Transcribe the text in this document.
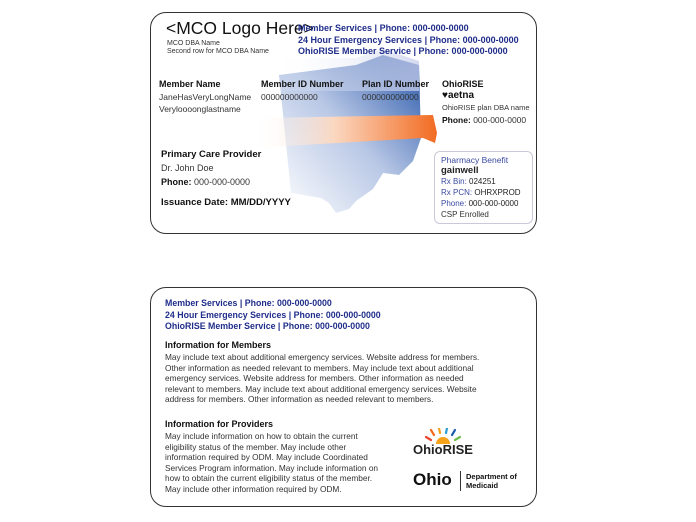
<MCO Logo Here>
MCO DBA Name
Second row for MCO DBA Name
Member Services | Phone: 000-000-0000
24 Hour Emergency Services | Phone: 000-000-0000
OhioRISE Member Service | Phone: 000-000-0000
Member Name
JaneHasVeryLongName
Veryloooonglastname
Member ID Number
000000000000
Plan ID Number
000000000000
OhioRISE
♥aetna
OhioRISE plan DBA name
Phone: 000-000-0000
Primary Care Provider
Dr. John Doe
Phone: 000-000-0000
Issuance Date: MM/DD/YYYY
Pharmacy Benefit
gainwell
Rx Bin: 024251
Rx PCN: OHRXPROD
Phone: 000-000-0000
CSP Enrolled
Member Services | Phone: 000-000-0000
24 Hour Emergency Services | Phone: 000-000-0000
OhioRISE Member Service | Phone: 000-000-0000
Information for Members
May include text about additional emergency services. Website address for members.
Other information as needed relevant to members. May include text about additional
emergency services. Website address for members. Other information as needed
relevant to members. May include text about additional emergency services. Website
address for members. Other information as needed relevant to members.
Information for Providers
May include information on how to obtain the current
eligibility status of the member. May include other
information required by ODM. May include Coordinated
Services Program information. May include information on
how to obtain the current eligibility status of the member.
May include other information required by ODM.
OhioRISE
Ohio Department of
Medicaid
